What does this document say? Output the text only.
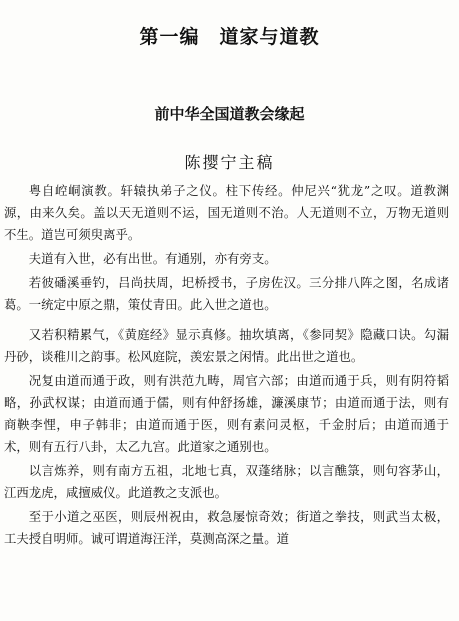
第一编　道家与道教
前中华全国道教会缘起
陈撄宁主稿

粤自崆峒演教。轩辕执弟子之仪。柱下传经。仲尼兴“犹龙”之叹。道教渊源，由来久矣。盖以天无道则不运，国无道则不治。人无道则不立，万物无道则不生。道岂可须臾离乎。

夫道有入世，必有出世。有通别，亦有旁支。

若彼磻溪垂钓，吕尚扶周，圯桥授书，子房佐汉。三分排八阵之图，名成诸葛。一统定中原之鼎，策仗青田。此入世之道也。

又若积精累气，《黄庭经》显示真修。抽坎填离，《参同契》隐藏口诀。勾漏丹砂，谈稚川之韵事。松风庭院，羡宏景之闲情。此出世之道也。

况复由道而通于政，则有洪范九畴，周官六部；由道而通于兵，则有阴符韬略，孙武权谋；由道而通于儒，则有仲舒扬雄，濂溪康节；由道而通于法，则有商鞅李悝，申子韩非；由道而通于医，则有素问灵枢，千金肘后；由道而通于术，则有五行八卦，太乙九宫。此道家之通别也。

以言炼养，则有南方五祖，北地七真，双蓬绪脉；以言醮箓，则句容茅山，江西龙虎，咸擅威仪。此道教之支派也。

至于小道之巫医，则辰州祝由，救急屡惊奇效；街道之拳技，则武当太极，工夫授自明师。诚可谓道海汪洋，莫测高深之量。道
